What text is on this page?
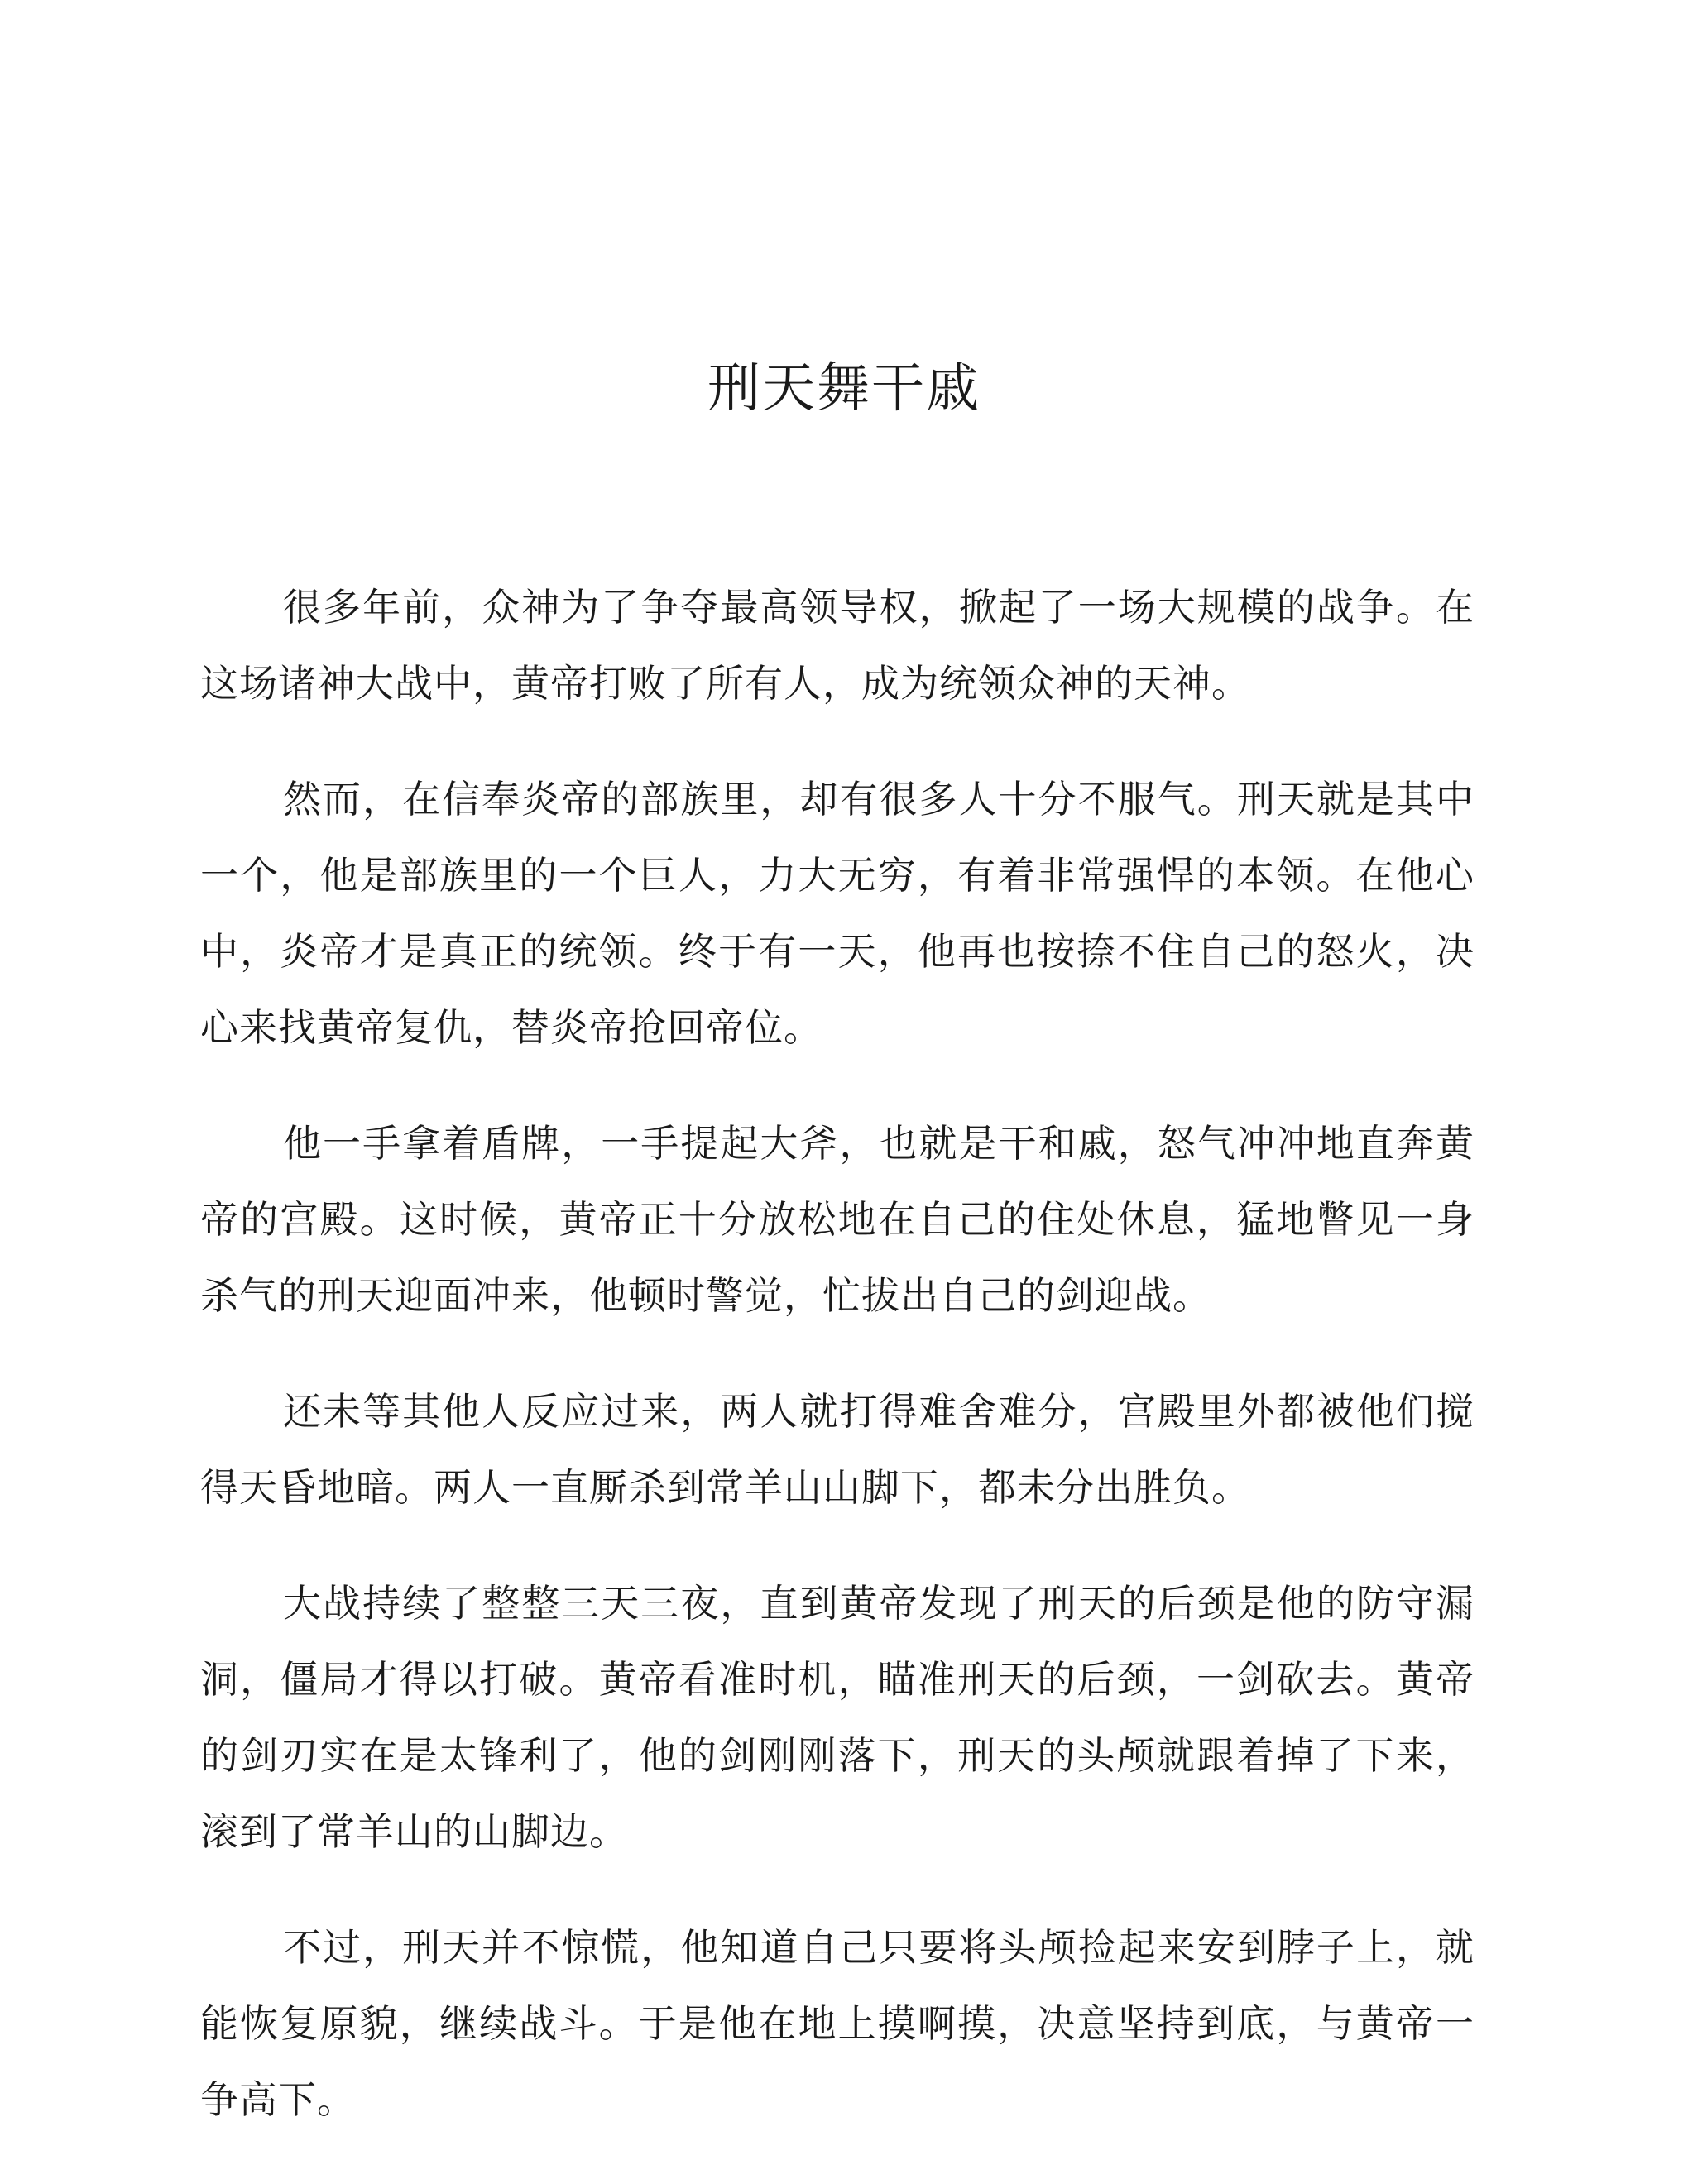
刑天舞干戚

很多年前，众神为了争夺最高领导权，掀起了一场大规模的战争。在这场诸神大战中，黄帝打败了所有人，成为统领众神的天神。

然而，在信奉炎帝的部族里，却有很多人十分不服气。刑天就是其中一个，他是部族里的一个巨人，力大无穷，有着非常强悍的本领。在他心中，炎帝才是真正的统领。终于有一天，他再也按捺不住自己的怒火，决心来找黄帝复仇，替炎帝抢回帝位。

他一手拿着盾牌，一手提起大斧，也就是干和戚，怒气冲冲地直奔黄帝的宫殿。这时候，黄帝正十分放松地在自己的住处休息，猛地瞥见一身杀气的刑天迎面冲来，他顿时警觉，忙拔出自己的剑迎战。

还未等其他人反应过来，两人就打得难舍难分，宫殿里外都被他们搅得天昏地暗。两人一直厮杀到常羊山山脚下，都未分出胜负。

大战持续了整整三天三夜，直到黄帝发现了刑天的后颈是他的防守漏洞，僵局才得以打破。黄帝看准时机，瞄准刑天的后颈，一剑砍去。黄帝的剑刃实在是太锋利了，他的剑刚刚落下，刑天的头颅就跟着掉了下来，滚到了常羊山的山脚边。

不过，刑天并不惊慌，他知道自己只要将头颅捡起来安到脖子上，就能恢复原貌，继续战斗。于是他在地上摸啊摸，决意坚持到底，与黄帝一争高下。
